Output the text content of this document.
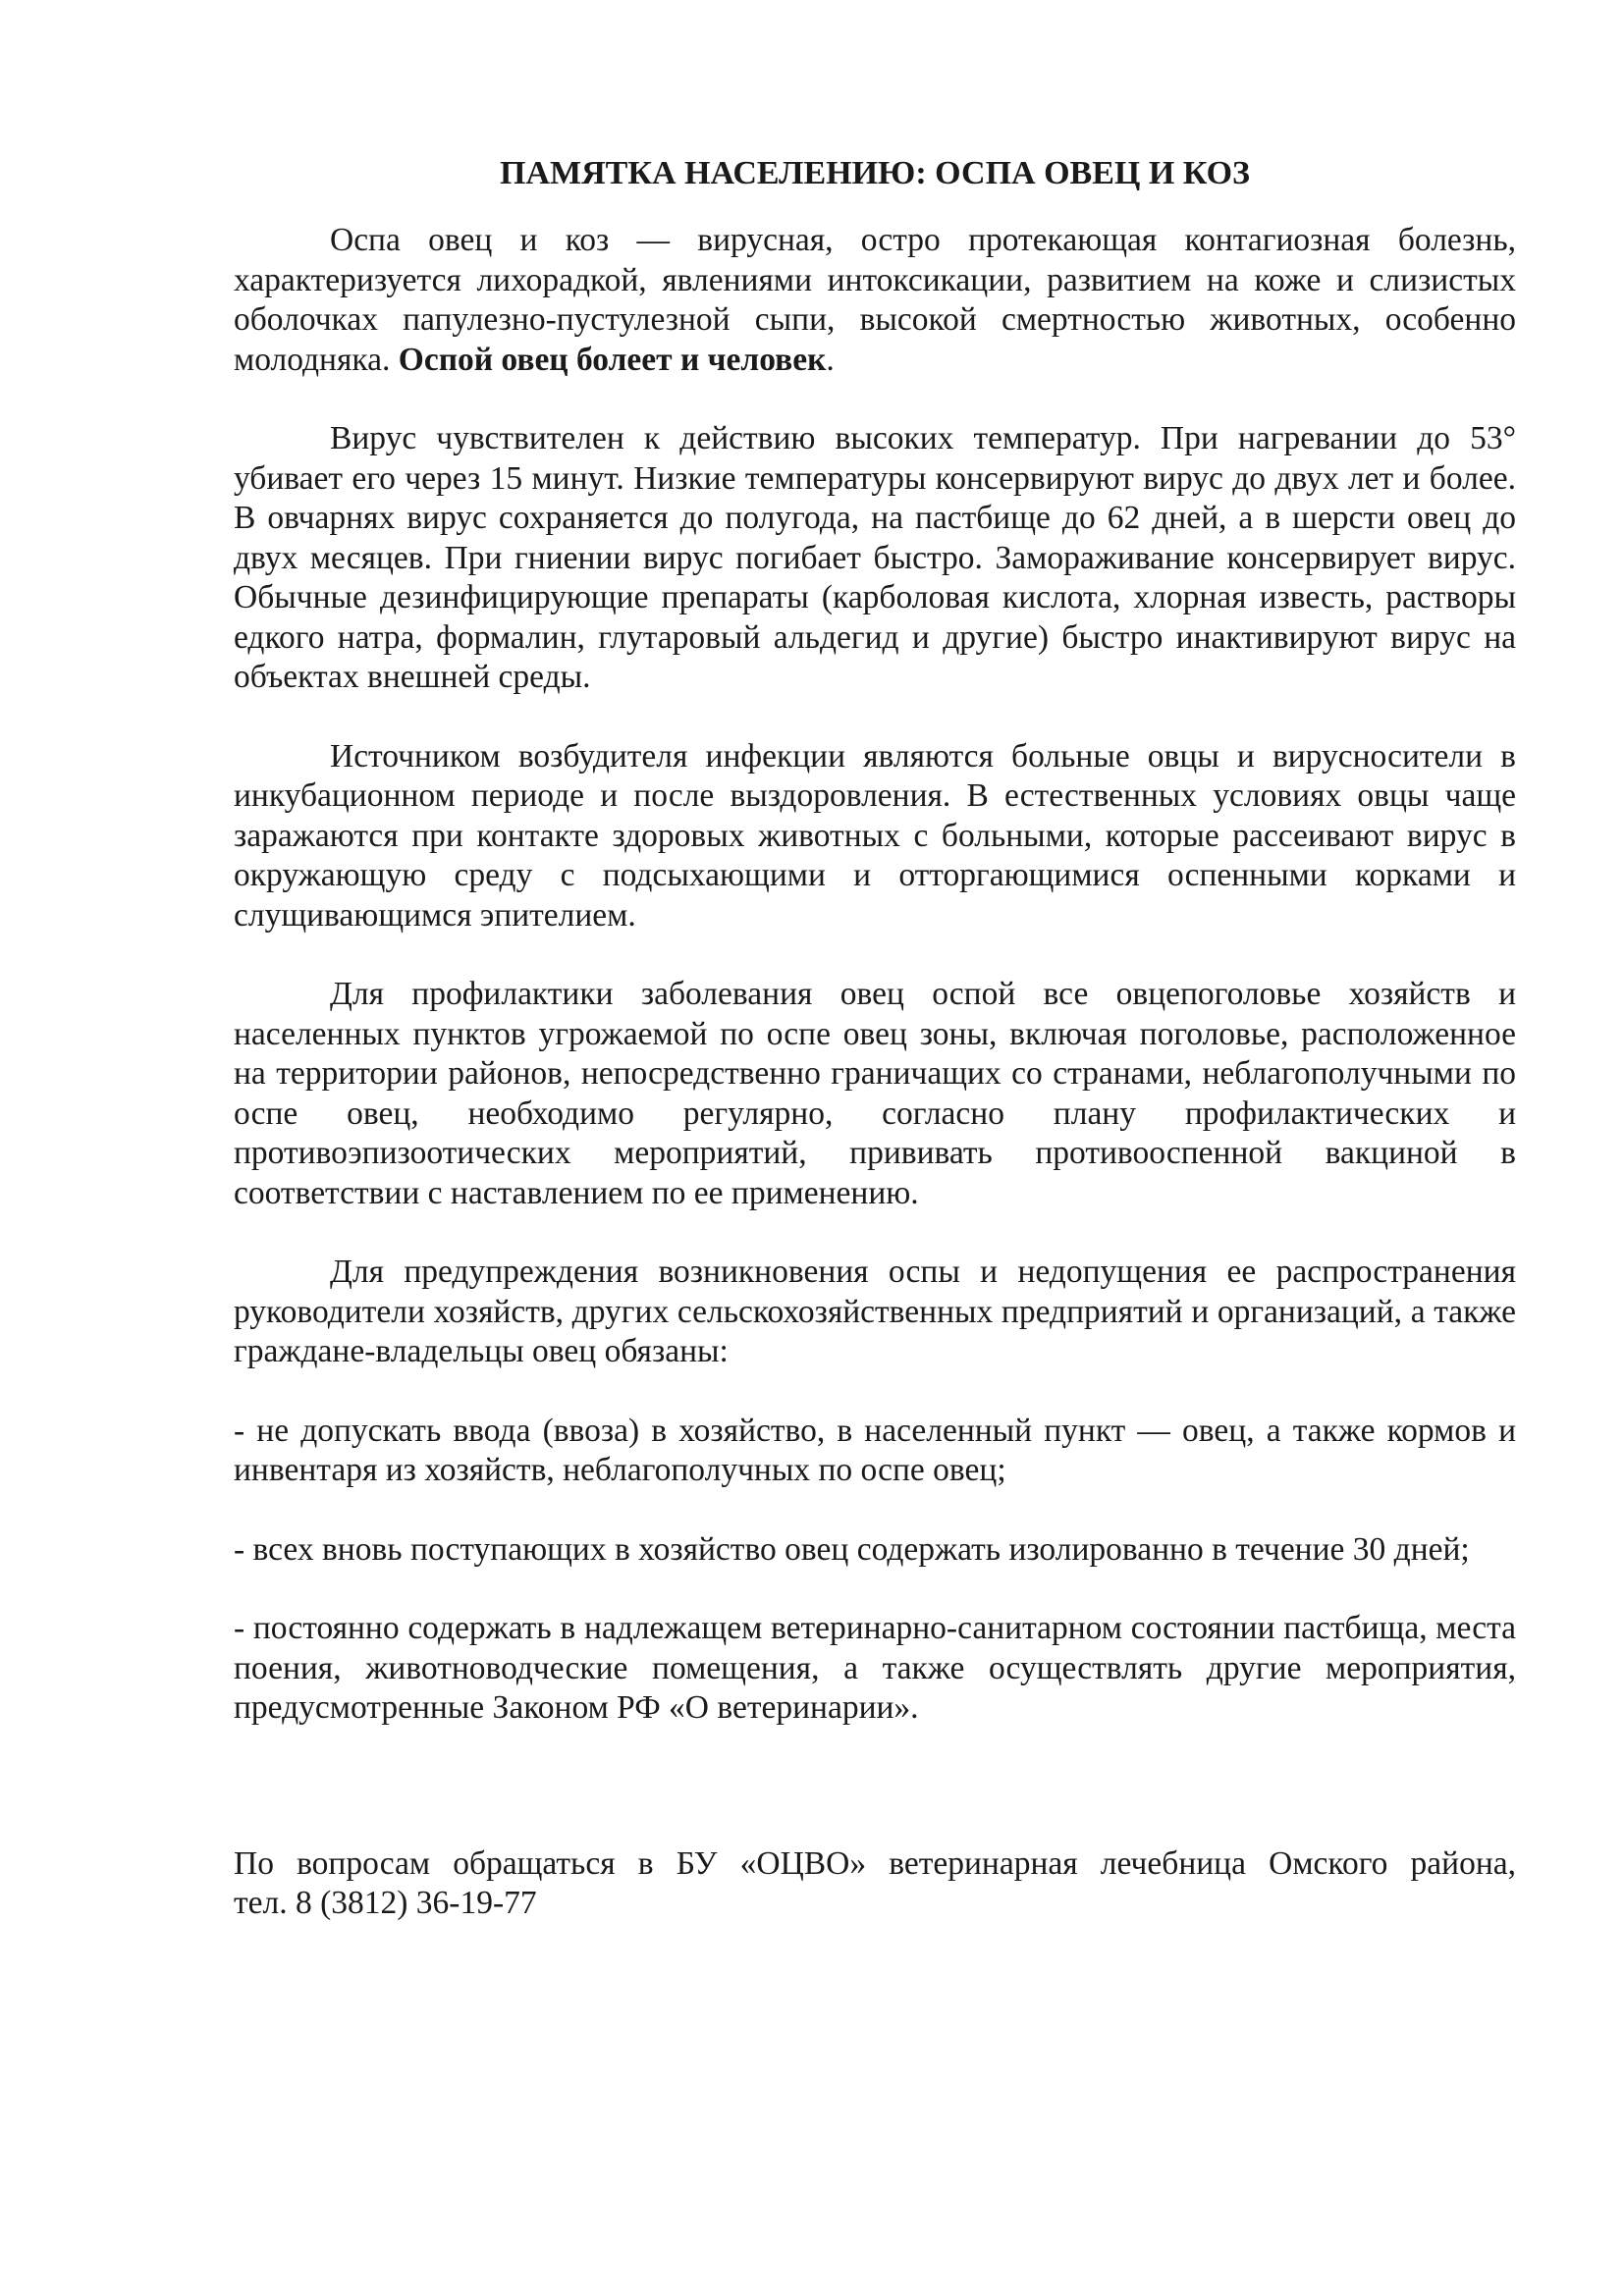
ПАМЯТКА НАСЕЛЕНИЮ: ОСПА ОВЕЦ И КОЗ

Оспа овец и коз — вирусная, остро протекающая контагиозная болезнь, характеризуется лихорадкой, явлениями интоксикации, развитием на коже и слизистых оболочках папулезно-пустулезной сыпи, высокой смертностью животных, особенно молодняка. Оспой овец болеет и человек.

Вирус чувствителен к действию высоких температур. При нагревании до 53° убивает его через 15 минут. Низкие температуры консервируют вирус до двух лет и более. В овчарнях вирус сохраняется до полугода, на пастбище до 62 дней, а в шерсти овец до двух месяцев. При гниении вирус погибает быстро. Замораживание консервирует вирус. Обычные дезинфицирующие препараты (карболовая кислота, хлорная известь, растворы едкого натра, формалин, глутаровый альдегид и другие) быстро инактивируют вирус на объектах внешней среды.

Источником возбудителя инфекции являются больные овцы и вирусносители в инкубационном периоде и после выздоровления. В естественных условиях овцы чаще заражаются при контакте здоровых животных с больными, которые рассеивают вирус в окружающую среду с подсыхающими и отторгающимися оспенными корками и слущивающимся эпителием.

Для профилактики заболевания овец оспой все овцепоголовье хозяйств и населенных пунктов угрожаемой по оспе овец зоны, включая поголовье, расположенное на территории районов, непосредственно граничащих со странами, неблагополучными по оспе овец, необходимо регулярно, согласно плану профилактических и противоэпизоотических мероприятий, прививать противооспенной вакциной в соответствии с наставлением по ее применению.

Для предупреждения возникновения оспы и недопущения ее распространения руководители хозяйств, других сельскохозяйственных предприятий и организаций, а также граждане-владельцы овец обязаны:

- не допускать ввода (ввоза) в хозяйство, в населенный пункт — овец, а также кормов и инвентаря из хозяйств, неблагополучных по оспе овец;

- всех вновь поступающих в хозяйство овец содержать изолированно в течение 30 дней;

- постоянно содержать в надлежащем ветеринарно-санитарном состоянии пастбища, места поения, животноводческие помещения, а также осуществлять другие мероприятия, предусмотренные Законом РФ «О ветеринарии».

По вопросам обращаться в БУ «ОЦВО» ветеринарная лечебница Омского района,
тел. 8 (3812) 36-19-77
